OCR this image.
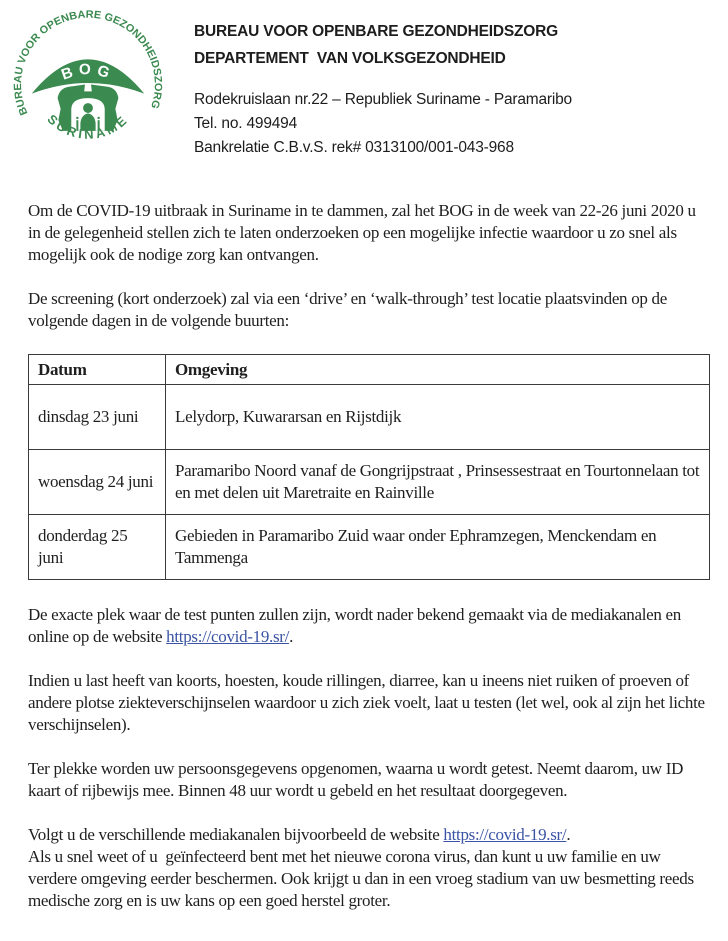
BUREAU VOOR OPENBARE GEZONDHEIDSZORG
BOG
SURINAME
BUREAU VOOR OPENBARE GEZONDHEIDSZORG
DEPARTEMENT  VAN VOLKSGEZONDHEID
Rodekruislaan nr.22 – Republiek Suriname - Paramaribo
Tel. no. 499494
Bankrelatie C.B.v.S. rek# 0313100/001-043-968
Om de COVID-19 uitbraak in Suriname in te dammen, zal het BOG in de week van 22-26 juni 2020 u in de gelegenheid stellen zich te laten onderzoeken op een mogelijke infectie waardoor u zo snel als mogelijk ook de nodige zorg kan ontvangen.
De screening (kort onderzoek) zal via een ‘drive’ en ‘walk-through’ test locatie plaatsvinden op de volgende dagen in de volgende buurten:
Datum	Omgeving
dinsdag 23 juni	Lelydorp, Kuwararsan en Rijstdijk
woensdag 24 juni	Paramaribo Noord vanaf de Gongrijpstraat , Prinsessestraat en Tourtonnelaan tot en met delen uit Maretraite en Rainville
donderdag 25 juni	Gebieden in Paramaribo Zuid waar onder Ephramzegen, Menckendam en Tammenga
De exacte plek waar de test punten zullen zijn, wordt nader bekend gemaakt via de mediakanalen en online op de website https://covid-19.sr/.
Indien u last heeft van koorts, hoesten, koude rillingen, diarree, kan u ineens niet ruiken of proeven of andere plotse ziekteverschijnselen waardoor u zich ziek voelt, laat u testen (let wel, ook al zijn het lichte verschijnselen).
Ter plekke worden uw persoonsgegevens opgenomen, waarna u wordt getest. Neemt daarom, uw ID kaart of rijbewijs mee. Binnen 48 uur wordt u gebeld en het resultaat doorgegeven.
Volgt u de verschillende mediakanalen bijvoorbeeld de website https://covid-19.sr/.
Als u snel weet of u  geïnfecteerd bent met het nieuwe corona virus, dan kunt u uw familie en uw verdere omgeving eerder beschermen. Ook krijgt u dan in een vroeg stadium van uw besmetting reeds medische zorg en is uw kans op een goed herstel groter.
